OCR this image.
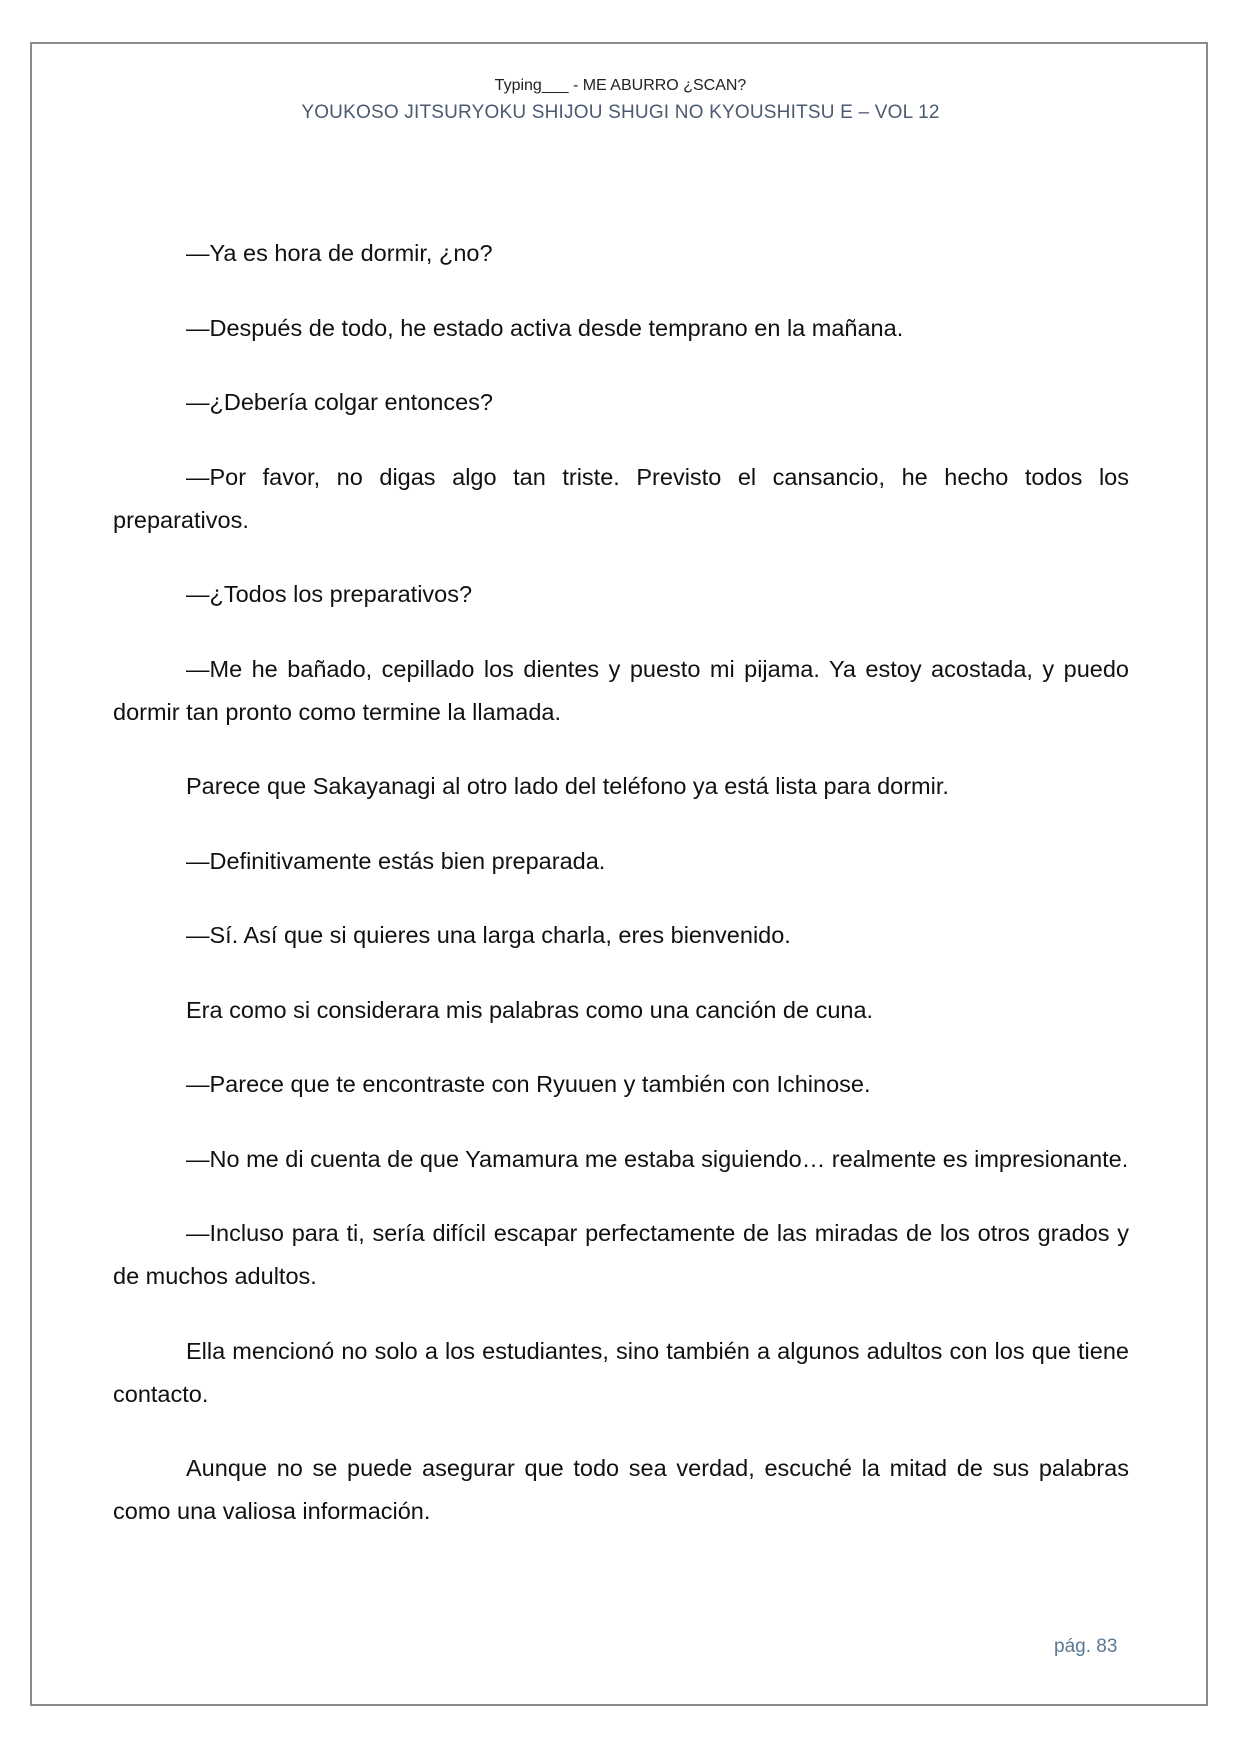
Typing___ - ME ABURRO ¿SCAN?
YOUKOSO JITSURYOKU SHIJOU SHUGI NO KYOUSHITSU E – VOL 12

—Ya es hora de dormir, ¿no?

—Después de todo, he estado activa desde temprano en la mañana.

—¿Debería colgar entonces?

—Por favor, no digas algo tan triste. Previsto el cansancio, he hecho todos los preparativos.

—¿Todos los preparativos?

—Me he bañado, cepillado los dientes y puesto mi pijama. Ya estoy acostada, y puedo dormir tan pronto como termine la llamada.

Parece que Sakayanagi al otro lado del teléfono ya está lista para dormir.

—Definitivamente estás bien preparada.

—Sí. Así que si quieres una larga charla, eres bienvenido.

Era como si considerara mis palabras como una canción de cuna.

—Parece que te encontraste con Ryuuen y también con Ichinose.

—No me di cuenta de que Yamamura me estaba siguiendo… realmente es impresionante.

—Incluso para ti, sería difícil escapar perfectamente de las miradas de los otros grados y de muchos adultos.

Ella mencionó no solo a los estudiantes, sino también a algunos adultos con los que tiene contacto.

Aunque no se puede asegurar que todo sea verdad, escuché la mitad de sus palabras como una valiosa información.

pág. 83
